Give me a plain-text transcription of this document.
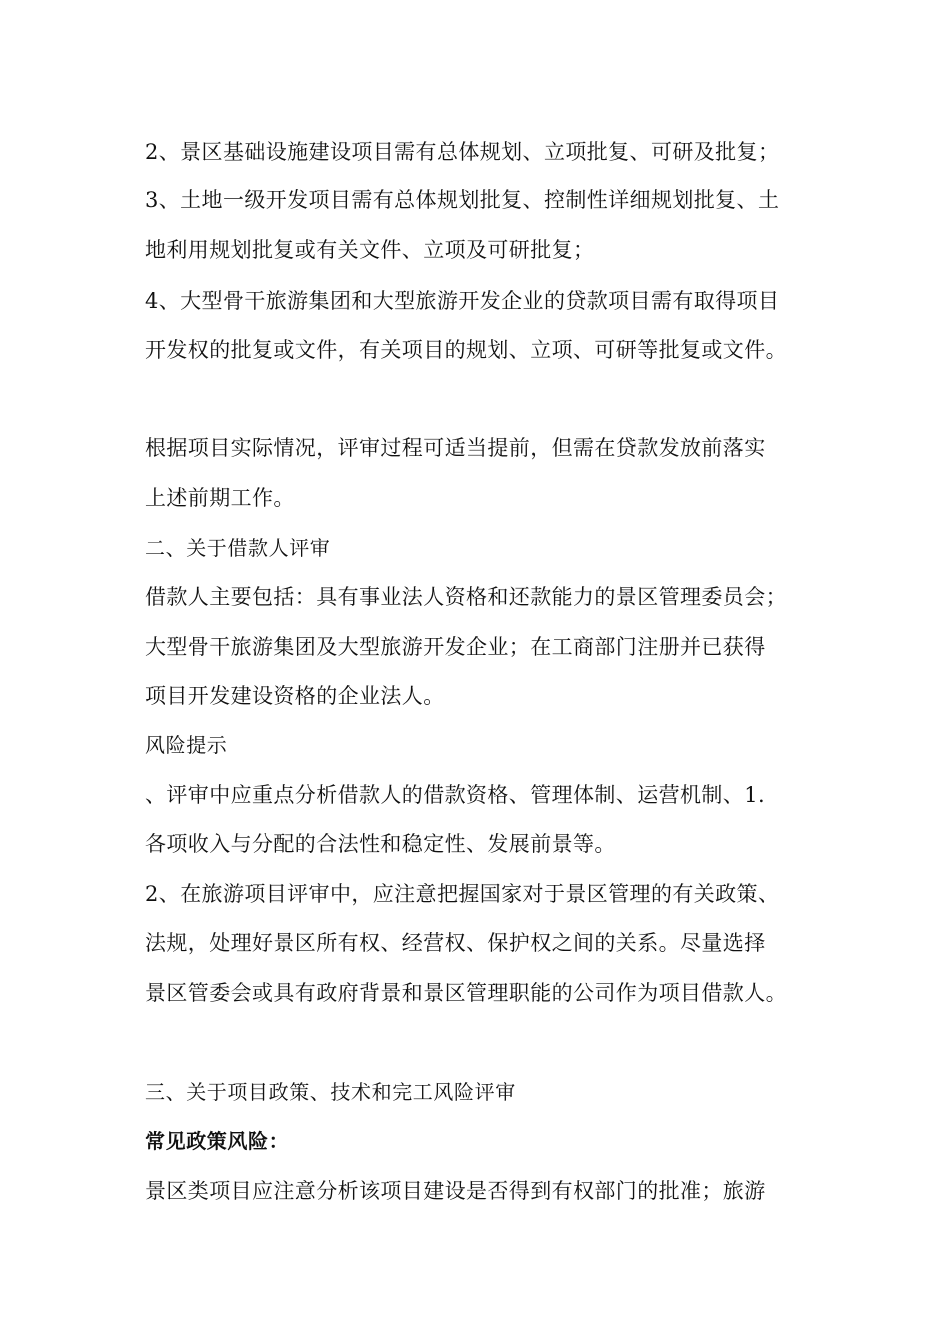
2、景区基础设施建设项目需有总体规划、立项批复、可研及批复；
3、土地一级开发项目需有总体规划批复、控制性详细规划批复、土
地利用规划批复或有关文件、立项及可研批复；
4、大型骨干旅游集团和大型旅游开发企业的贷款项目需有取得项目
开发权的批复或文件，有关项目的规划、立项、可研等批复或文件。
根据项目实际情况，评审过程可适当提前，但需在贷款发放前落实
上述前期工作。
二、关于借款人评审
借款人主要包括：具有事业法人资格和还款能力的景区管理委员会；
大型骨干旅游集团及大型旅游开发企业；在工商部门注册并已获得
项目开发建设资格的企业法人。
风险提示
、评审中应重点分析借款人的借款资格、管理体制、运营机制、1.
各项收入与分配的合法性和稳定性、发展前景等。
2、在旅游项目评审中，应注意把握国家对于景区管理的有关政策、
法规，处理好景区所有权、经营权、保护权之间的关系。尽量选择
景区管委会或具有政府背景和景区管理职能的公司作为项目借款人。
三、关于项目政策、技术和完工风险评审
常见政策风险：
景区类项目应注意分析该项目建设是否得到有权部门的批准；旅游
